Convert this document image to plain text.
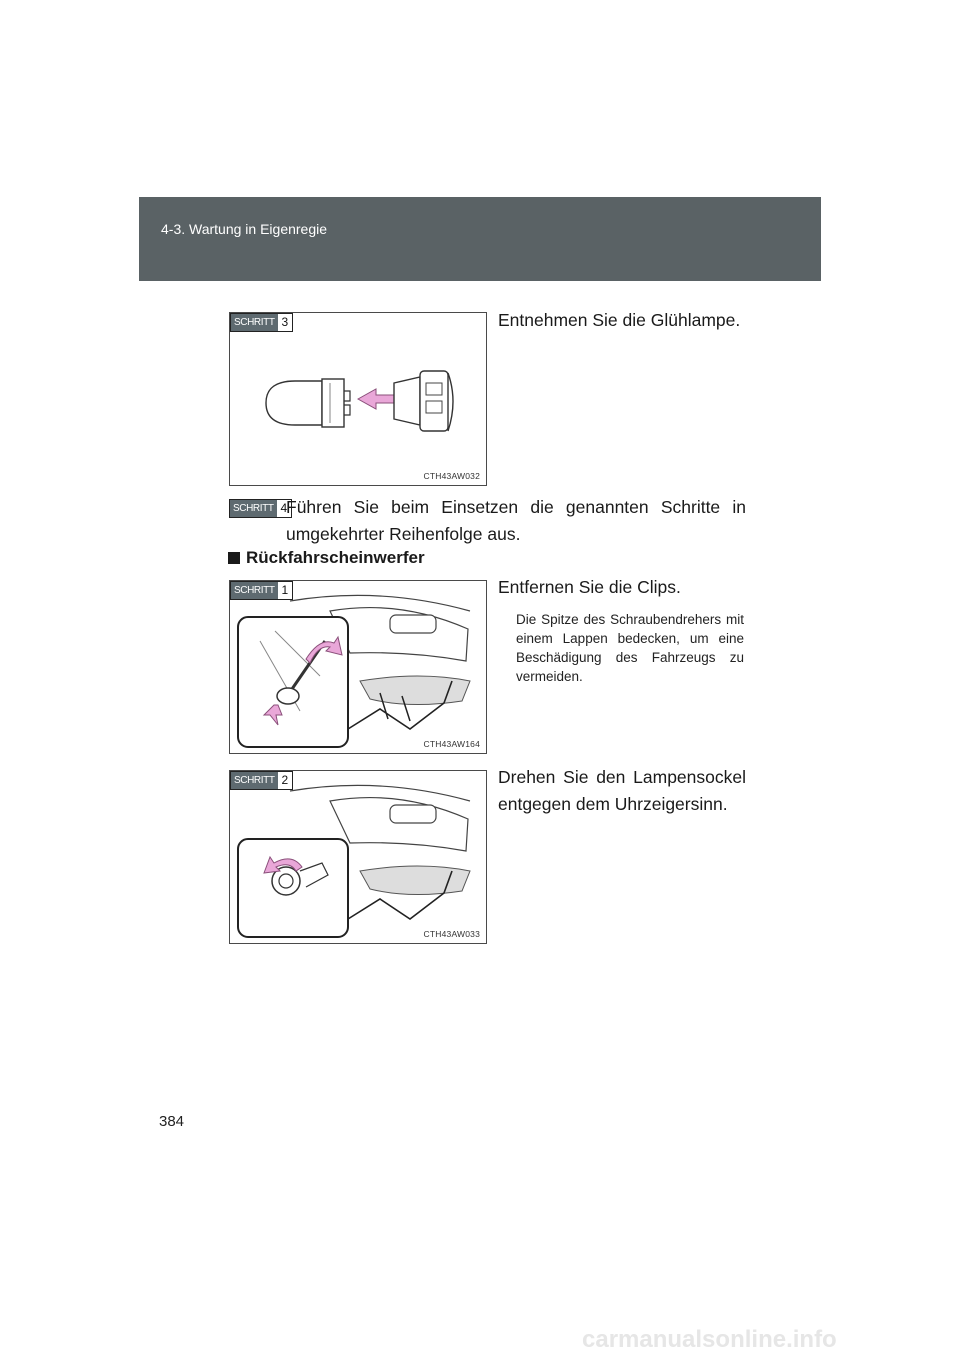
4-3. Wartung in Eigenregie
SCHRITT 3
CTH43AW032
Entnehmen Sie die Glühlampe.
SCHRITT 4
Führen Sie beim Einsetzen die genannten Schritte in umgekehrter Reihenfolge aus.
Rückfahrscheinwerfer
SCHRITT 1
CTH43AW164
Entfernen Sie die Clips.
Die Spitze des Schraubendrehers mit einem Lappen bedecken, um eine Beschädigung des Fahrzeugs zu vermeiden.
SCHRITT 2
CTH43AW033
Drehen Sie den Lampensockel entgegen dem Uhrzeigersinn.
384
carmanualsonline.info
